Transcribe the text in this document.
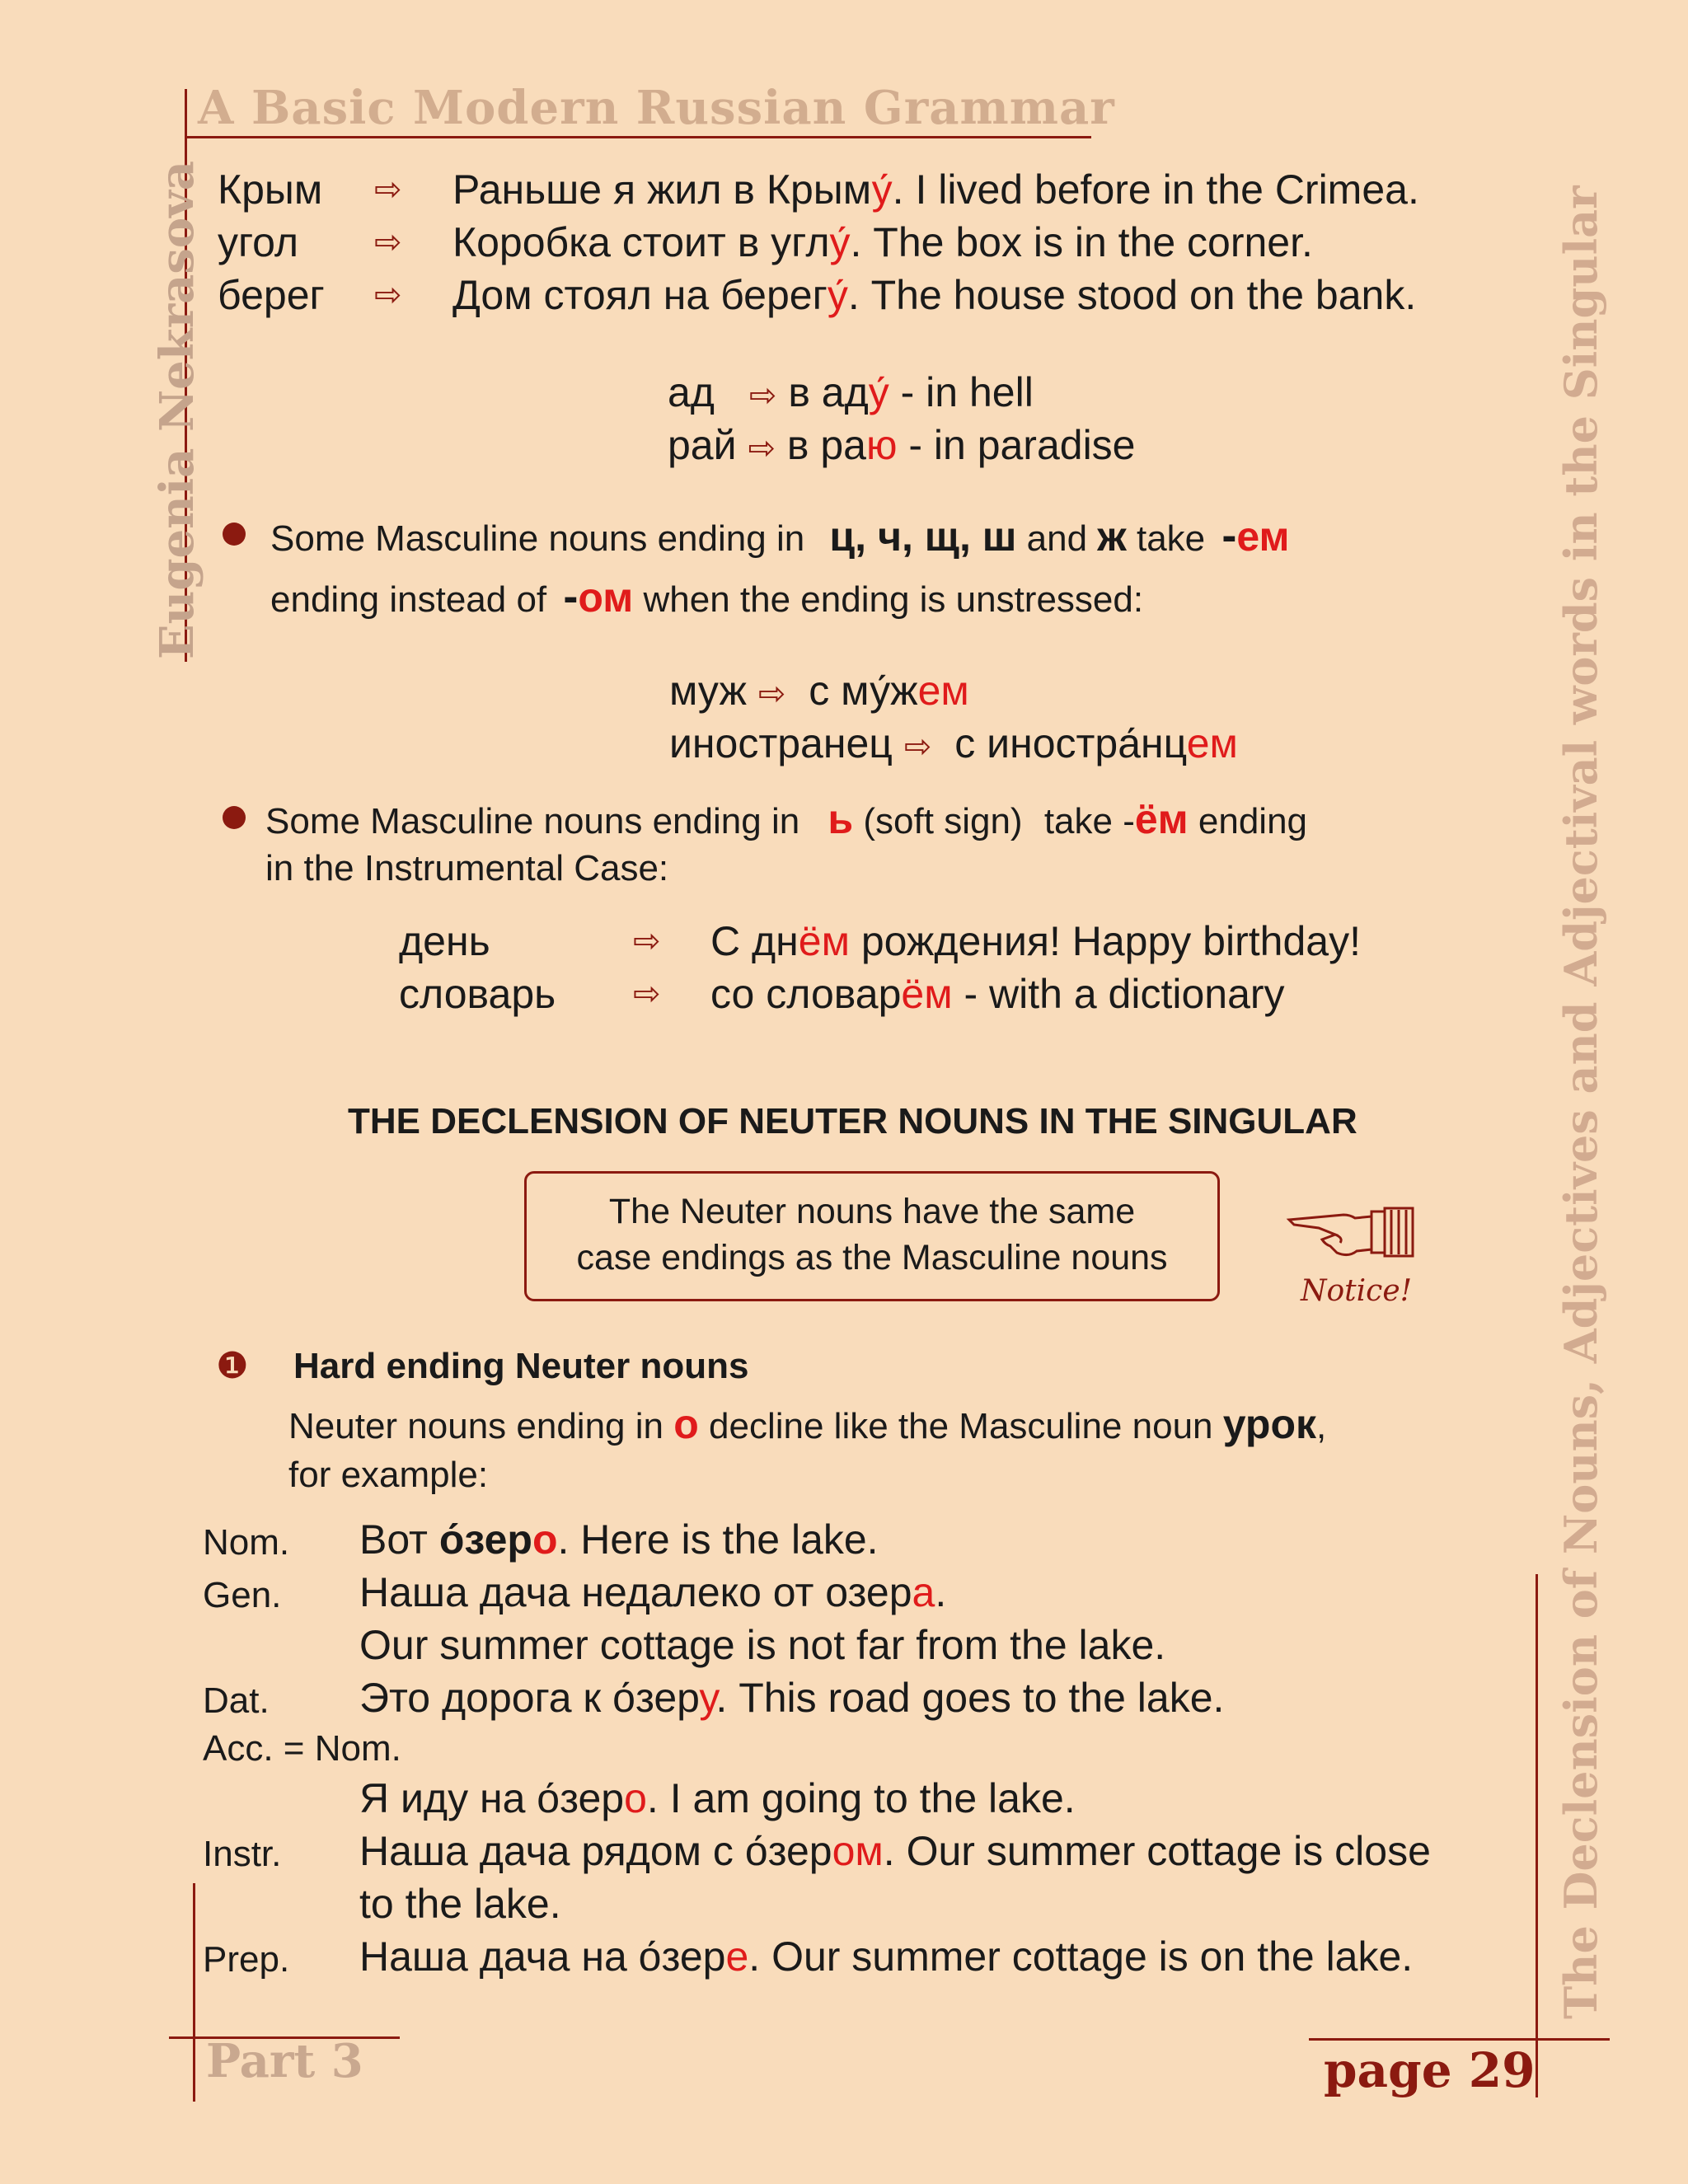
A Basic Modern Russian Grammar
Eugenia Nekrasova	The Declension of Nouns, Adjectives and Adjectival words in the Singular
Крым ⇨ Раньше я жил в Крыму́. I lived before in the Crimea.
угол ⇨ Коробка стоит в углу́. The box is in the corner.
берег ⇨ Дом стоял на берегу́. The house stood on the bank.
ад ⇨ в аду́ - in hell
рай ⇨ в раю - in paradise
Some Masculine nouns ending in ц, ч, щ, ш and ж take -ем
ending instead of -ом when the ending is unstressed:
муж ⇨ с му́жем
иностранец ⇨ с иностра́нцем
Some Masculine nouns ending in ь (soft sign) take -ём ending
in the Instrumental Case:
день	⇨ С днём рождения! Happy birthday!
словарь ⇨ со словарём - with a dictionary
THE DECLENSION OF NEUTER NOUNS IN THE SINGULAR
The Neuter nouns have the same
case endings as the Masculine nouns
Notice!
❶ Hard ending Neuter nouns
Neuter nouns ending in о decline like the Masculine noun урок,
for example:
Nom. Вот о́зеро. Here is the lake.
Gen. Наша дача недалеко от озера.
Our summer cottage is not far from the lake.
Dat. Это дорога к о́зеру. This road goes to the lake.
Acc. = Nom.
Я иду на о́зеро. I am going to the lake.
Instr. Наша дача рядом с о́зером. Our summer cottage is close
to the lake.
Prep. Наша дача на о́зере. Our summer cottage is on the lake.
Part 3	page 29
